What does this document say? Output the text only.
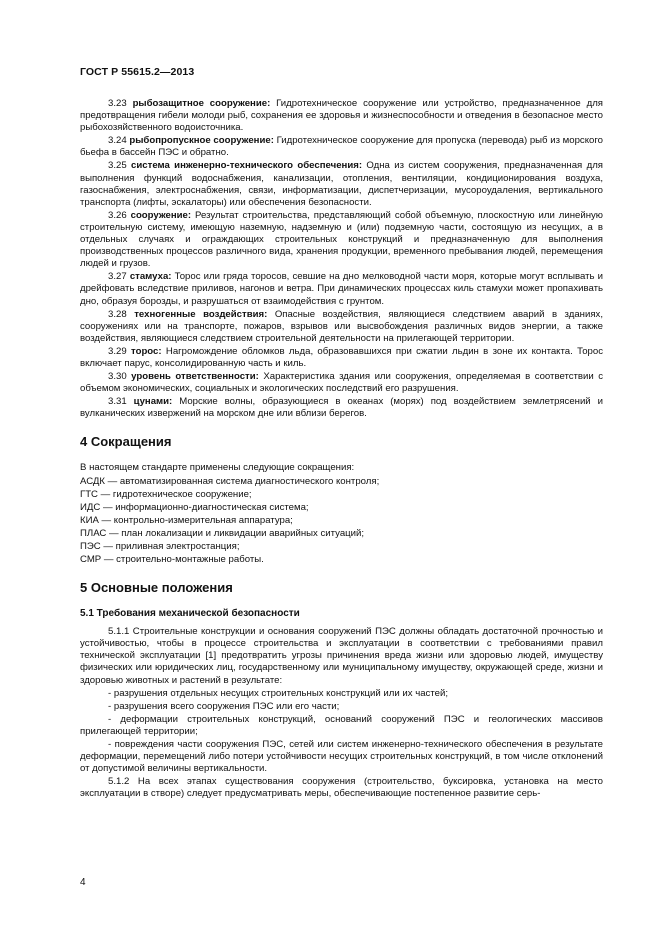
ГОСТ Р 55615.2—2013

3.23 рыбозащитное сооружение: Гидротехническое сооружение или устройство, предназначенное для предотвращения гибели молоди рыб, сохранения ее здоровья и жизнеспособности и отведения в безопасное место рыбохозяйственного водоисточника.

3.24 рыбопропускное сооружение: Гидротехническое сооружение для пропуска (перевода) рыб из морского бьефа в бассейн ПЭС и обратно.

3.25 система инженерно-технического обеспечения: Одна из систем сооружения, предназначенная для выполнения функций водоснабжения, канализации, отопления, вентиляции, кондиционирования воздуха, газоснабжения, электроснабжения, связи, информатизации, диспетчеризации, мусороудаления, вертикального транспорта (лифты, эскалаторы) или обеспечения безопасности.

3.26 сооружение: Результат строительства, представляющий собой объемную, плоскостную или линейную строительную систему, имеющую наземную, надземную и (или) подземную части, состоящую из несущих, а в отдельных случаях и ограждающих строительных конструкций и предназначенную для выполнения производственных процессов различного вида, хранения продукции, временного пребывания людей, перемещения людей и грузов.

3.27 стамуха: Торос или гряда торосов, севшие на дно мелководной части моря, которые могут всплывать и дрейфовать вследствие приливов, нагонов и ветра. При динамических процессах киль стамухи может пропахивать дно, образуя борозды, и разрушаться от взаимодействия с грунтом.

3.28 техногенные воздействия: Опасные воздействия, являющиеся следствием аварий в зданиях, сооружениях или на транспорте, пожаров, взрывов или высвобождения различных видов энергии, а также воздействия, являющиеся следствием строительной деятельности на прилегающей территории.

3.29 торос: Нагромождение обломков льда, образовавшихся при сжатии льдин в зоне их контакта. Торос включает парус, консолидированную часть и киль.

3.30 уровень ответственности: Характеристика здания или сооружения, определяемая в соответствии с объемом экономических, социальных и экологических последствий его разрушения.

3.31 цунами: Морские волны, образующиеся в океанах (морях) под воздействием землетрясений и вулканических извержений на морском дне или вблизи берегов.

4 Сокращения

В настоящем стандарте применены следующие сокращения:

АСДК — автоматизированная система диагностического контроля;

ГТС — гидротехническое сооружение;

ИДС — информационно-диагностическая система;

КИА — контрольно-измерительная аппаратура;

ПЛАС — план локализации и ликвидации аварийных ситуаций;

ПЭС — приливная электростанция;

СМР — строительно-монтажные работы.

5 Основные положения
5.1 Требования механической безопасности

5.1.1 Строительные конструкции и основания сооружений ПЭС должны обладать достаточной прочностью и устойчивостью, чтобы в процессе строительства и эксплуатации в соответствии с требованиями правил технической эксплуатации [1] предотвратить угрозы причинения вреда жизни или здоровью людей, имуществу физических или юридических лиц, государственному или муниципальному имуществу, окружающей среде, жизни и здоровью животных и растений в результате:

- разрушения отдельных несущих строительных конструкций или их частей;

- разрушения всего сооружения ПЭС или его части;

- деформации строительных конструкций, оснований сооружений ПЭС и геологических массивов прилегающей территории;

- повреждения части сооружения ПЭС, сетей или систем инженерно-технического обеспечения в результате деформации, перемещений либо потери устойчивости несущих строительных конструкций, в том числе отклонений от допустимой величины вертикальности.

5.1.2 На всех этапах существования сооружения (строительство, буксировка, установка на место эксплуатации в створе) следует предусматривать меры, обеспечивающие постепенное развитие серь-

4
